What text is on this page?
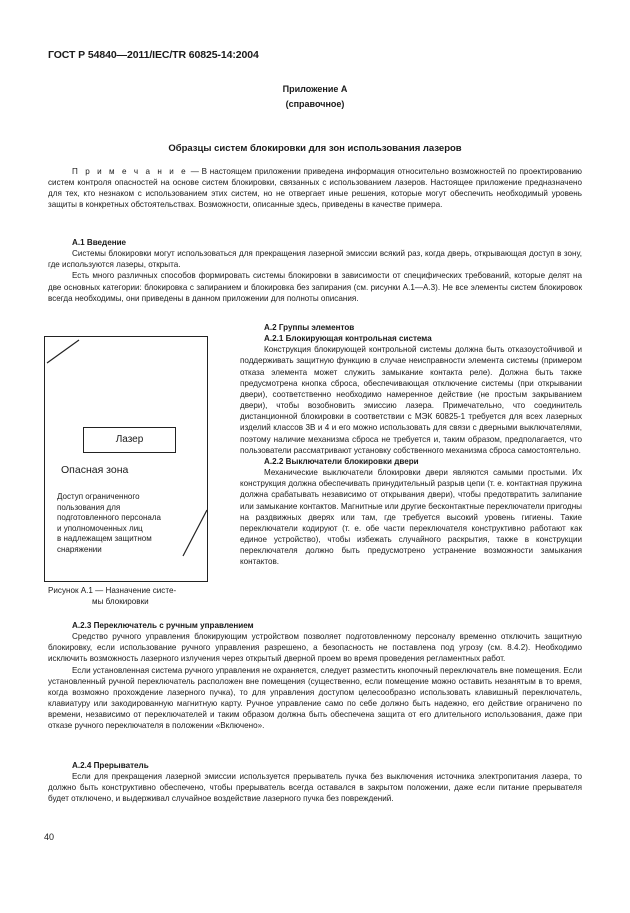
ГОСТ Р 54840—2011/IEC/TR 60825-14:2004
Приложение А
(справочное)
Образцы систем блокировки для зон использования лазеров

П р и м е ч а н и е — В настоящем приложении приведена информация относительно возможностей по проектированию систем контроля опасностей на основе систем блокировки, связанных с использованием лазеров. Настоящее приложение предназначено для тех, кто незнаком с использованием этих систем, но не отвергает иные решения, которые могут обеспечить необходимый уровень защиты в конкретных обстоятельствах. Возможности, описанные здесь, приведены в качестве примера.

А.1 Введение

Системы блокировки могут использоваться для прекращения лазерной эмиссии всякий раз, когда дверь, открывающая доступ в зону, где используются лазеры, открыта.

Есть много различных способов формировать системы блокировки в зависимости от специфических требований, которые делят на две основных категории: блокировка с запиранием и блокировка без запирания (см. рисунки А.1—А.3). Не все элементы систем блокировок всегда необходимы, они приведены в данном приложении для полноты описания.

Лазер
Опасная зона
Доступ ограниченного
пользования для
подготовленного персонала
и уполномоченных лиц
в надлежащем защитном
снаряжении
Рисунок А.1 — Назначение систе-
мы блокировки
А.2 Группы элементов
А.2.1 Блокирующая контрольная система

Конструкция блокирующей контрольной системы должна быть отказоустойчивой и поддерживать защитную функцию в случае неисправности элемента системы (примером отказа элемента может служить замыкание контакта реле). Должна быть также предусмотрена кнопка сброса, обеспечивающая отключение системы (при открывании двери), соответственно необходимо намеренное действие (не простым закрыванием двери), чтобы возобновить эмиссию лазера. Примечательно, что соединитель дистанционной блокировки в соответствии с МЭК 60825-1 требуется для всех лазерных изделий классов 3В и 4 и его можно использовать для связи с дверными выключателями, поэтому наличие механизма сброса не требуется и, таким образом, предполагается, что пользователи рассматривают установку собственного механизма сброса самостоятельно.

А.2.2 Выключатели блокировки двери

Механические выключатели блокировки двери являются самыми простыми. Их конструкция должна обеспечивать принудительный разрыв цепи (т. е. контактная пружина должна срабатывать независимо от открывания двери), чтобы предотвратить залипание или замыкание контактов. Магнитные или другие бесконтактные переключатели пригодны на раздвижных дверях или там, где требуется высокий уровень гигиены. Такие переключатели кодируют (т. е. обе части переключателя конструктивно работают как единое устройство), чтобы избежать случайного раскрытия, также в конструкции переключателя должно быть предусмотрено устранение возможности замыкания контактов.

А.2.3 Переключатель с ручным управлением

Средство ручного управления блокирующим устройством позволяет подготовленному персоналу временно отключить защитную блокировку, если использование ручного управления разрешено, а безопасность не поставлена под угрозу (см. 8.4.2). Необходимо исключить возможность лазерного излучения через открытый дверной проем во время проведения регламентных работ.

Если установленная система ручного управления не охраняется, следует разместить кнопочный переключатель вне помещения. Если установленный ручной переключатель расположен вне помещения (существенно, если помещение можно оставить незанятым в то время, когда возможно прохождение лазерного пучка), то для управления доступом целесообразно использовать клавишный переключатель, клавиатуру или закодированную магнитную карту. Ручное управление само по себе должно быть надежно, его действие ограничено по времени, независимо от переключателей и таким образом должна быть обеспечена защита от его длительного использования, даже при отказе ручного переключателя в положении «Включено».

А.2.4 Прерыватель

Если для прекращения лазерной эмиссии используется прерыватель пучка без выключения источника электропитания лазера, то должно быть конструктивно обеспечено, чтобы прерыватель всегда оставался в закрытом положении, даже если питание прерывателя будет отключено, и выдерживал случайное воздействие лазерного пучка без повреждений.

40
